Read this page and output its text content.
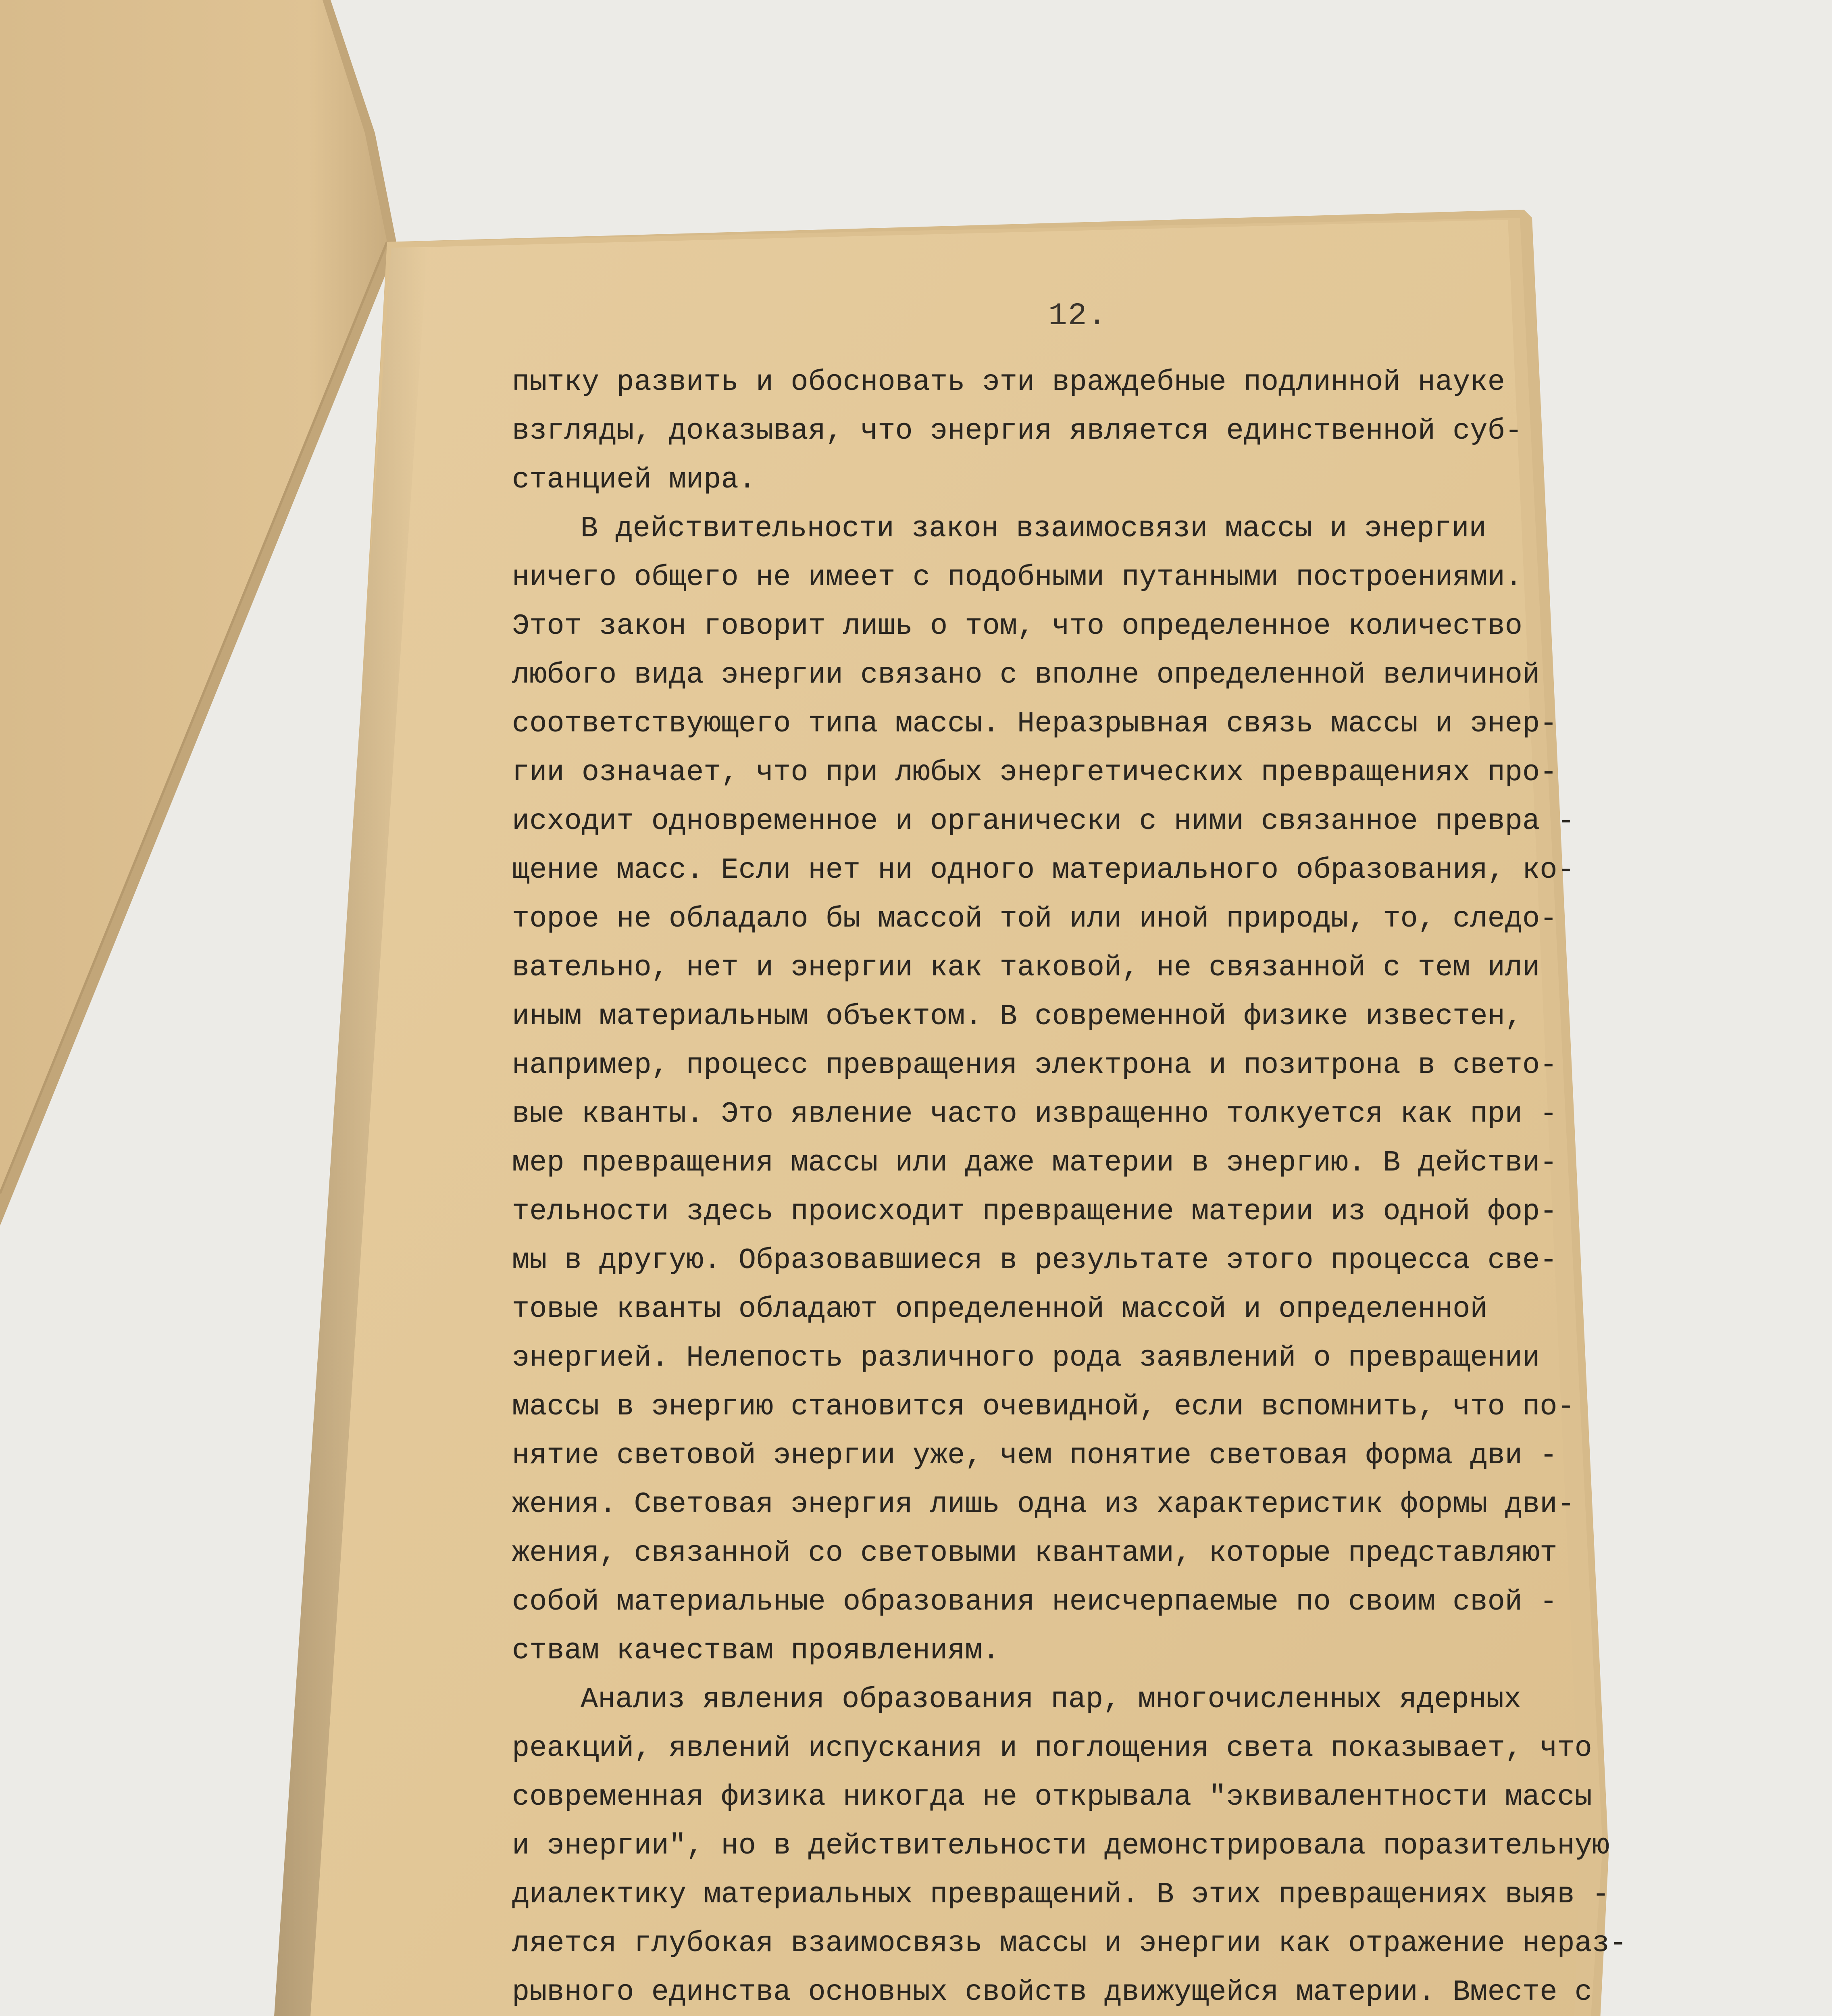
12.
пытку развить и обосновать эти враждебные подлинной науке
взгляды, доказывая, что энергия является единственной суб-
станцией мира.
В действительности закон взаимосвязи массы и энергии
ничего общего не имеет с подобными путанными построениями.
Этот закон говорит лишь о том, что определенное количество
любого вида энергии связано с вполне определенной величиной
соответствующего типа массы. Неразрывная связь массы и энер-
гии означает, что при любых энергетических превращениях про-
исходит одновременное и органически с ними связанное превра -
щение масс. Если нет ни одного материального образования, ко-
торое не обладало бы массой той или иной природы, то, следо-
вательно, нет и энергии как таковой, не связанной с тем или
иным материальным объектом. В современной физике известен,
например, процесс превращения электрона и позитрона в свето-
вые кванты. Это явление часто извращенно толкуется как при -
мер превращения массы или даже материи в энергию. В действи-
тельности здесь происходит превращение материи из одной фор-
мы в другую. Образовавшиеся в результате этого процесса све-
товые кванты обладают определенной массой и определенной
энергией. Нелепость различного рода заявлений о превращении
массы в энергию становится очевидной, если вспомнить, что по-
нятие световой энергии уже, чем понятие световая форма дви -
жения. Световая энергия лишь одна из характеристик формы дви-
жения, связанной со световыми квантами, которые представляют
собой материальные образования неисчерпаемые по своим свой -
ствам качествам проявлениям.
Анализ явления образования пар, многочисленных ядерных
реакций, явлений испускания и поглощения света показывает, что
современная физика никогда не открывала "эквивалентности массы
и энергии", но в действительности демонстрировала поразительную
диалектику материальных превращений. В этих превращениях выяв -
ляется глубокая взаимосвязь массы и энергии как отражение нераз-
рывного единства основных свойств движущейся материи. Вместе с
